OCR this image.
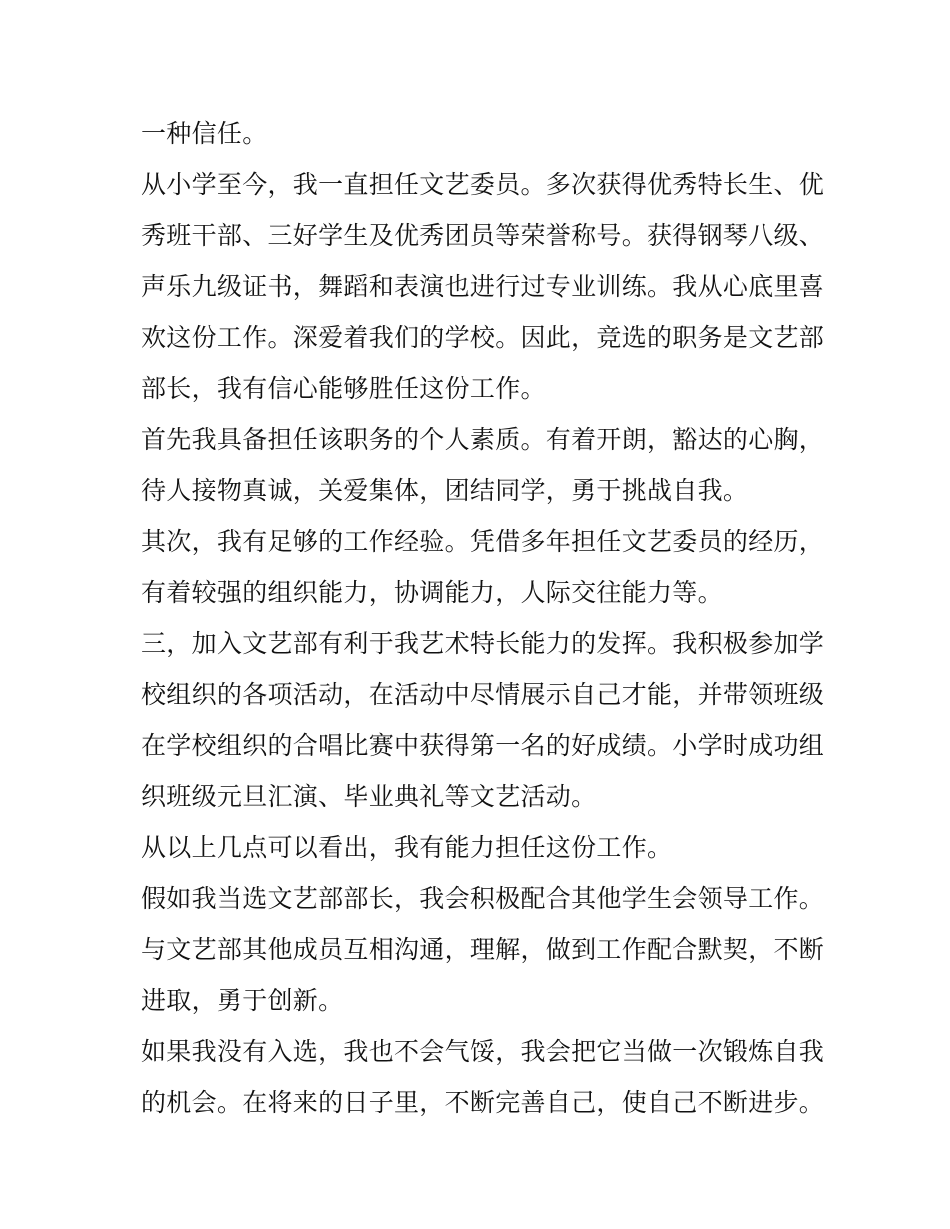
一种信任。
从小学至今，我一直担任文艺委员。多次获得优秀特长生、优
秀班干部、三好学生及优秀团员等荣誉称号。获得钢琴八级、
声乐九级证书，舞蹈和表演也进行过专业训练。我从心底里喜
欢这份工作。深爱着我们的学校。因此，竞选的职务是文艺部
部长，我有信心能够胜任这份工作。
首先我具备担任该职务的个人素质。有着开朗，豁达的心胸，
待人接物真诚，关爱集体，团结同学，勇于挑战自我。
其次，我有足够的工作经验。凭借多年担任文艺委员的经历，
有着较强的组织能力，协调能力，人际交往能力等。
三，加入文艺部有利于我艺术特长能力的发挥。我积极参加学
校组织的各项活动，在活动中尽情展示自己才能，并带领班级
在学校组织的合唱比赛中获得第一名的好成绩。小学时成功组
织班级元旦汇演、毕业典礼等文艺活动。
从以上几点可以看出，我有能力担任这份工作。
假如我当选文艺部部长，我会积极配合其他学生会领导工作。
与文艺部其他成员互相沟通，理解，做到工作配合默契，不断
进取，勇于创新。
如果我没有入选，我也不会气馁，我会把它当做一次锻炼自我
的机会。在将来的日子里，不断完善自己，使自己不断进步。
